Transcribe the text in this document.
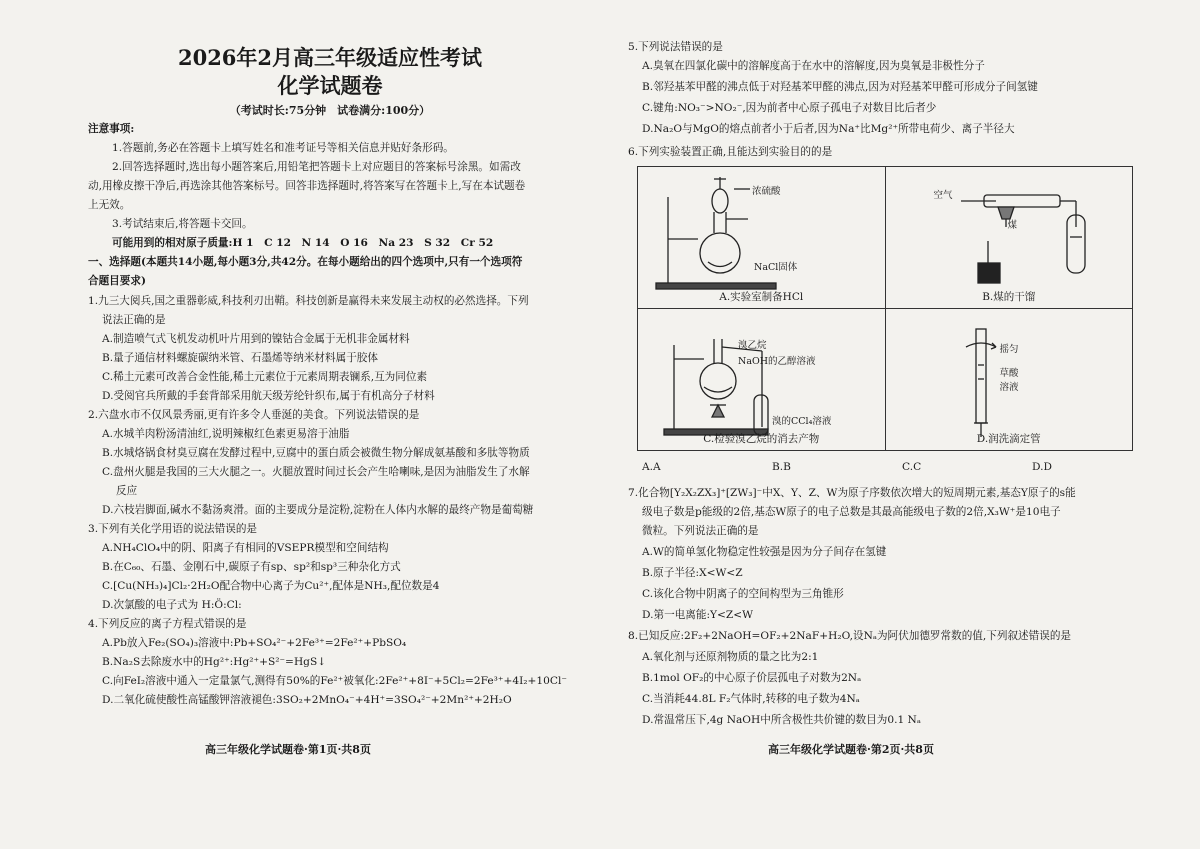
2026年2月高三年级适应性考试
化学试题卷
（考试时长:75分钟　试卷满分:100分）
注意事项:
1.答题前,务必在答题卡上填写姓名和准考证号等相关信息并贴好条形码。
2.回答选择题时,选出每小题答案后,用铅笔把答题卡上对应题目的答案标号涂黑。如需改
动,用橡皮擦干净后,再选涂其他答案标号。回答非选择题时,将答案写在答题卡上,写在本试题卷
上无效。
3.考试结束后,将答题卡交回。
可能用到的相对原子质量:H 1　C 12　N 14　O 16　Na 23　S 32　Cr 52
一、选择题(本题共14小题,每小题3分,共42分。在每小题给出的四个选项中,只有一个选项符
合题目要求)
1.九三大阅兵,国之重器彰威,科技利刃出鞘。科技创新是赢得未来发展主动权的必然选择。下列
说法正确的是
A.制造喷气式飞机发动机叶片用到的镍钴合金属于无机非金属材料
B.量子通信材料螺旋碳纳米管、石墨烯等纳米材料属于胶体
C.稀土元素可改善合金性能,稀土元素位于元素周期表镧系,互为同位素
D.受阅官兵所戴的手套背部采用航天级芳纶针织布,属于有机高分子材料
2.六盘水市不仅风景秀丽,更有许多令人垂涎的美食。下列说法错误的是
A.水城羊肉粉汤清油红,说明辣椒红色素更易溶于油脂
B.水城烙锅食材臭豆腐在发酵过程中,豆腐中的蛋白质会被微生物分解成氨基酸和多肽等物质
C.盘州火腿是我国的三大火腿之一。火腿放置时间过长会产生哈喇味,是因为油脂发生了水解
反应
D.六枝岩脚面,碱水不黏汤爽滑。面的主要成分是淀粉,淀粉在人体内水解的最终产物是葡萄糖
3.下列有关化学用语的说法错误的是
A.NH₄ClO₄中的阴、阳离子有相同的VSEPR模型和空间结构
B.在C₆₀、石墨、金刚石中,碳原子有sp、sp²和sp³三种杂化方式
C.[Cu(NH₃)₄]Cl₂·2H₂O配合物中心离子为Cu²⁺,配体是NH₃,配位数是4
D.次氯酸的电子式为 H:Ö:Cl:
4.下列反应的离子方程式错误的是
A.Pb放入Fe₂(SO₄)₃溶液中:Pb+SO₄²⁻+2Fe³⁺=2Fe²⁺+PbSO₄
B.Na₂S去除废水中的Hg²⁺:Hg²⁺+S²⁻=HgS↓
C.向FeI₂溶液中通入一定量氯气,测得有50%的Fe²⁺被氧化:2Fe²⁺+8I⁻+5Cl₂=2Fe³⁺+4I₂+10Cl⁻
D.二氧化硫使酸性高锰酸钾溶液褪色:3SO₂+2MnO₄⁻+4H⁺=3SO₄²⁻+2Mn²⁺+2H₂O
高三年级化学试题卷·第1页·共8页
5.下列说法错误的是
A.臭氧在四氯化碳中的溶解度高于在水中的溶解度,因为臭氧是非极性分子
B.邻羟基苯甲醛的沸点低于对羟基苯甲醛的沸点,因为对羟基苯甲醛可形成分子间氢键
C.键角:NO₃⁻>NO₂⁻,因为前者中心原子孤电子对数目比后者少
D.Na₂O与MgO的熔点前者小于后者,因为Na⁺比Mg²⁺所带电荷少、离子半径大
6.下列实验装置正确,且能达到实验目的的是
浓硫酸
NaCl固体
A.实验室制备HCl	空气
煤
B.煤的干馏

溴乙烷
NaOH的乙醇溶液
溴的CCl₄溶液
C.检验溴乙烷的消去产物	摇匀
草酸
溶液
D.润洗滴定管
A.A	B.B	C.C	D.D
7.化合物[Y₂X₂ZX₃]⁺[ZW₃]⁻中X、Y、Z、W为原子序数依次增大的短周期元素,基态Y原子的s能
级电子数是p能级的2倍,基态W原子的电子总数是其最高能级电子数的2倍,X₃W⁺是10电子
微粒。下列说法正确的是
A.W的简单氢化物稳定性较强是因为分子间存在氢键
B.原子半径:X<W<Z
C.该化合物中阴离子的空间构型为三角锥形
D.第一电离能:Y<Z<W
8.已知反应:2F₂+2NaOH=OF₂+2NaF+H₂O,设Nₐ为阿伏加德罗常数的值,下列叙述错误的是
A.氧化剂与还原剂物质的量之比为2:1
B.1mol OF₂的中心原子价层孤电子对数为2Nₐ
C.当消耗44.8L F₂气体时,转移的电子数为4Nₐ
D.常温常压下,4g NaOH中所含极性共价键的数目为0.1 Nₐ
高三年级化学试题卷·第2页·共8页
